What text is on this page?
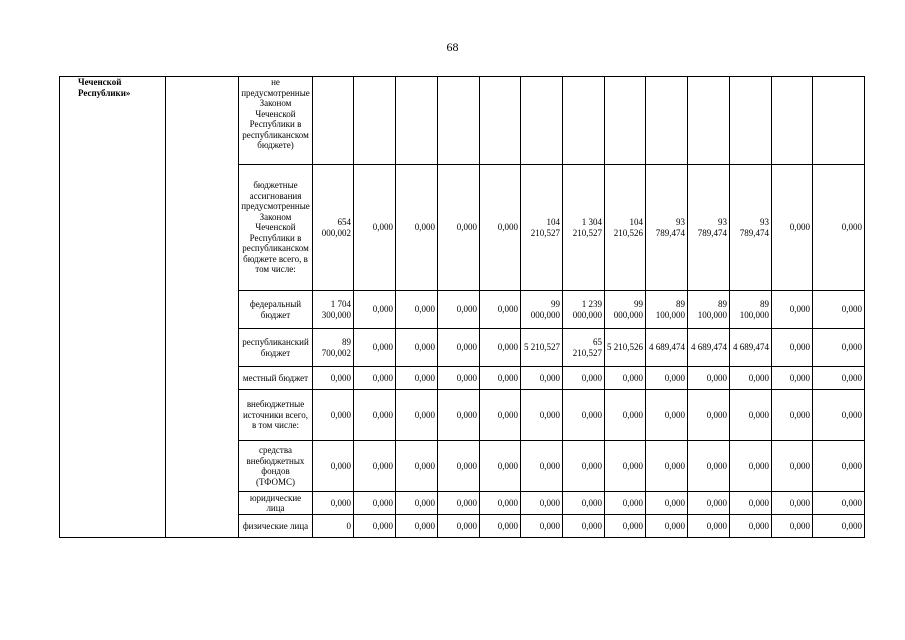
68
Чеченской Республики»		не предусмотренные Законом Чеченской Республики в республиканском бюджете)													
		бюджетные ассигнования предусмотренные Законом Чеченской Республики в республиканском бюджете всего, в том числе:	654 000,002	0,000	0,000	0,000	0,000	104 210,527	1 304 210,527	104 210,526	93 789,474	93 789,474	93 789,474	0,000	0,000
		федеральный бюджет	1 704 300,000	0,000	0,000	0,000	0,000	99 000,000	1 239 000,000	99 000,000	89 100,000	89 100,000	89 100,000	0,000	0,000
		республиканский бюджет	89 700,002	0,000	0,000	0,000	0,000	5 210,527	65 210,527	5 210,526	4 689,474	4 689,474	4 689,474	0,000	0,000
		местный бюджет	0,000	0,000	0,000	0,000	0,000	0,000	0,000	0,000	0,000	0,000	0,000	0,000	0,000
		внебюджетные источники всего, в том числе:	0,000	0,000	0,000	0,000	0,000	0,000	0,000	0,000	0,000	0,000	0,000	0,000	0,000
		средства внебюджетных фондов (ТФОМС)	0,000	0,000	0,000	0,000	0,000	0,000	0,000	0,000	0,000	0,000	0,000	0,000	0,000
		юридические лица	0,000	0,000	0,000	0,000	0,000	0,000	0,000	0,000	0,000	0,000	0,000	0,000	0,000
		физические лица	0	0,000	0,000	0,000	0,000	0,000	0,000	0,000	0,000	0,000	0,000	0,000	0,000
